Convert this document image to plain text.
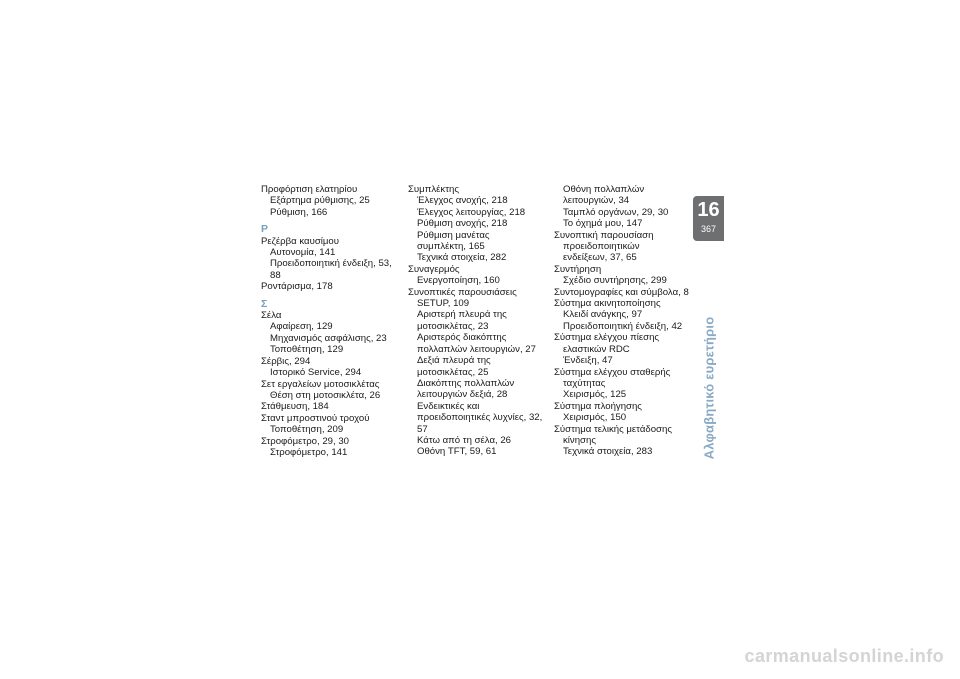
Προφόρτιση ελατηρίου
Εξάρτημα ρύθμισης, 25
Ρύθμιση, 166
Ρ
Ρεζέρβα καυσίμου
Αυτονομία, 141
Προειδοποιητική ένδειξη, 53,
88
Ροντάρισμα, 178
Σ
Σέλα
Αφαίρεση, 129
Μηχανισμός ασφάλισης, 23
Τοποθέτηση, 129
Σέρβις, 294
Ιστορικό Service, 294
Σετ εργαλείων μοτοσικλέτας
Θέση στη μοτοσικλέτα, 26
Στάθμευση, 184
Σταντ μπροστινού τροχού
Τοποθέτηση, 209
Στροφόμετρο, 29, 30
Στροφόμετρο, 141
Συμπλέκτης
Έλεγχος ανοχής, 218
Έλεγχος λειτουργίας, 218
Ρύθμιση ανοχής, 218
Ρύθμιση μανέτας
συμπλέκτη, 165
Τεχνικά στοιχεία, 282
Συναγερμός
Ενεργοποίηση, 160
Συνοπτικές παρουσιάσεις
SETUP, 109
Αριστερή πλευρά της
μοτοσικλέτας, 23
Αριστερός διακόπτης
πολλαπλών λειτουργιών, 27
Δεξιά πλευρά της
μοτοσικλέτας, 25
Διακόπτης πολλαπλών
λειτουργιών δεξιά, 28
Ενδεικτικές και
προειδοποιητικές λυχνίες, 32,
57
Κάτω από τη σέλα, 26
Οθόνη TFT, 59, 61
Οθόνη πολλαπλών
λειτουργιών, 34
Ταμπλό οργάνων, 29, 30
Το όχημά μου, 147
Συνοπτική παρουσίαση
προειδοποιητικών
ενδείξεων, 37, 65
Συντήρηση
Σχέδιο συντήρησης, 299
Συντομογραφίες και σύμβολα, 8
Σύστημα ακινητοποίησης
Κλειδί ανάγκης, 97
Προειδοποιητική ένδειξη, 42
Σύστημα ελέγχου πίεσης
ελαστικών RDC
Ένδειξη, 47
Σύστημα ελέγχου σταθερής
ταχύτητας
Χειρισμός, 125
Σύστημα πλοήγησης
Χειρισμός, 150
Σύστημα τελικής μετάδοσης
κίνησης
Τεχνικά στοιχεία, 283
16
367
Αλφαβητικό ευρετήριο
carmanualsonline.info
